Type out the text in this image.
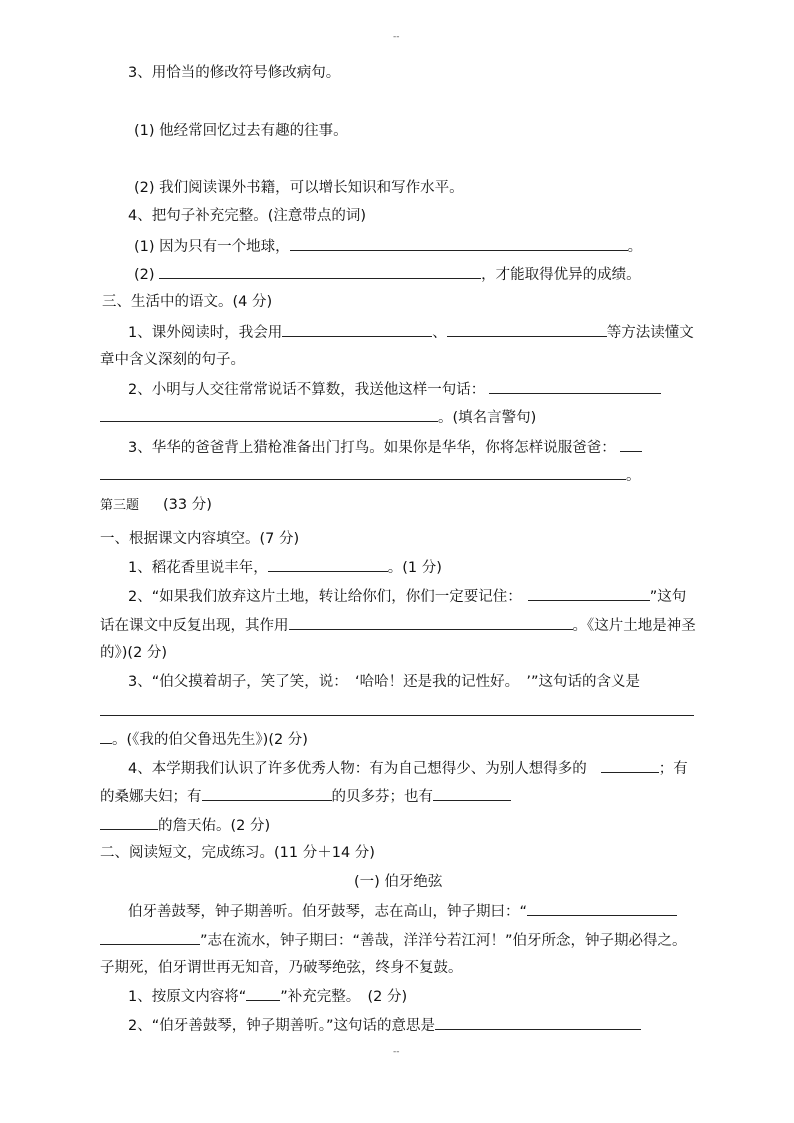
--
3、用恰当的修改符号修改病句。
(1) 他经常回忆过去有趣的往事。
(2) 我们阅读课外书籍，可以增长知识和写作水平。
4、把句子补充完整。(注意带点的词)
(1) 因为只有一个地球，	。
(2)	，才能取得优异的成绩。
三、生活中的语文。(4 分)
1、课外阅读时，我会用	、	等方法读懂文
章中含义深刻的句子。
2、小明与人交往常常说话不算数，我送他这样一句话：
。(填名言警句)
3、华华的爸爸背上猎枪准备出门打鸟。如果你是华华，你将怎样说服爸爸：
。
第三题 (33 分)
一、根据课文内容填空。(7 分)
1、稻花香里说丰年，	。(1 分)
2、“如果我们放弃这片土地，转让给你们，你们一定要记住：	”这句
话在课文中反复出现，其作用	。《这片土地是神圣
的》)(2 分)
3、“伯父摸着胡子，笑了笑，说：　‘哈哈！还是我的记性好。　’”这句话的含义是
。(《我的伯父鲁迅先生》)(2 分)
4、本学期我们认识了许多优秀人物：有为自己想得少、为别人想得多的	；有
的桑娜夫妇；有	的贝多芬；也有
的詹天佑。(2 分)
二、阅读短文，完成练习。(11 分＋14 分)
(一) 伯牙绝弦
伯牙善鼓琴，钟子期善听。伯牙鼓琴，志在高山，钟子期曰：“
”志在流水，钟子期曰：“善哉，洋洋兮若江河！”伯牙所念，钟子期必得之。
子期死，伯牙谓世再无知音，乃破琴绝弦，终身不复鼓。
1、按原文内容将“ ”补充完整。　(2 分)
2、“伯牙善鼓琴，钟子期善听。”这句话的意思是
--
